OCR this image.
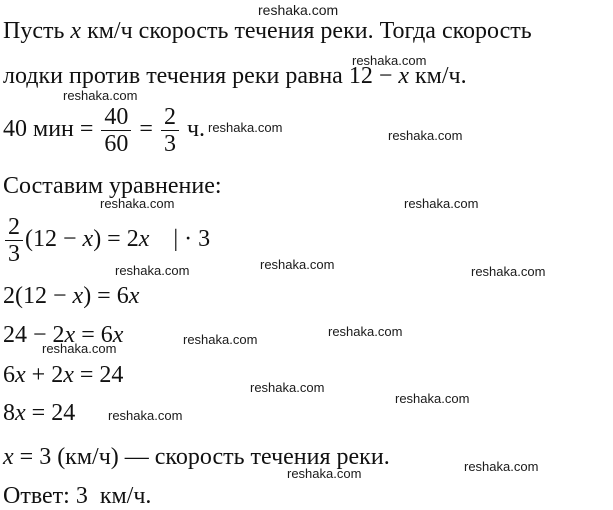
reshaka.com
reshaka.com
reshaka.com
reshaka.com
reshaka.com
reshaka.com	reshaka.com
reshaka.com	reshaka.com	reshaka.com
reshaka.com
reshaka.com
reshaka.com
reshaka.com
reshaka.com
reshaka.com
reshaka.com
reshaka.com
Пусть x км/ч скорость течения реки. Тогда скорость
лодки против течения реки равна 12 − x км/ч.
40 мин = $\frac{40}{60} = \frac{2}{3} ч$.
Составим уравнение:
$\frac{2}{3} (12 - x) = 2x$    | · 3
2(12 − x) = 6x
24 − 2x = 6x
6x + 2x = 24
8x = 24
x = 3 (км/ч) — скорость течения реки.
Ответ: 3  км/ч.
